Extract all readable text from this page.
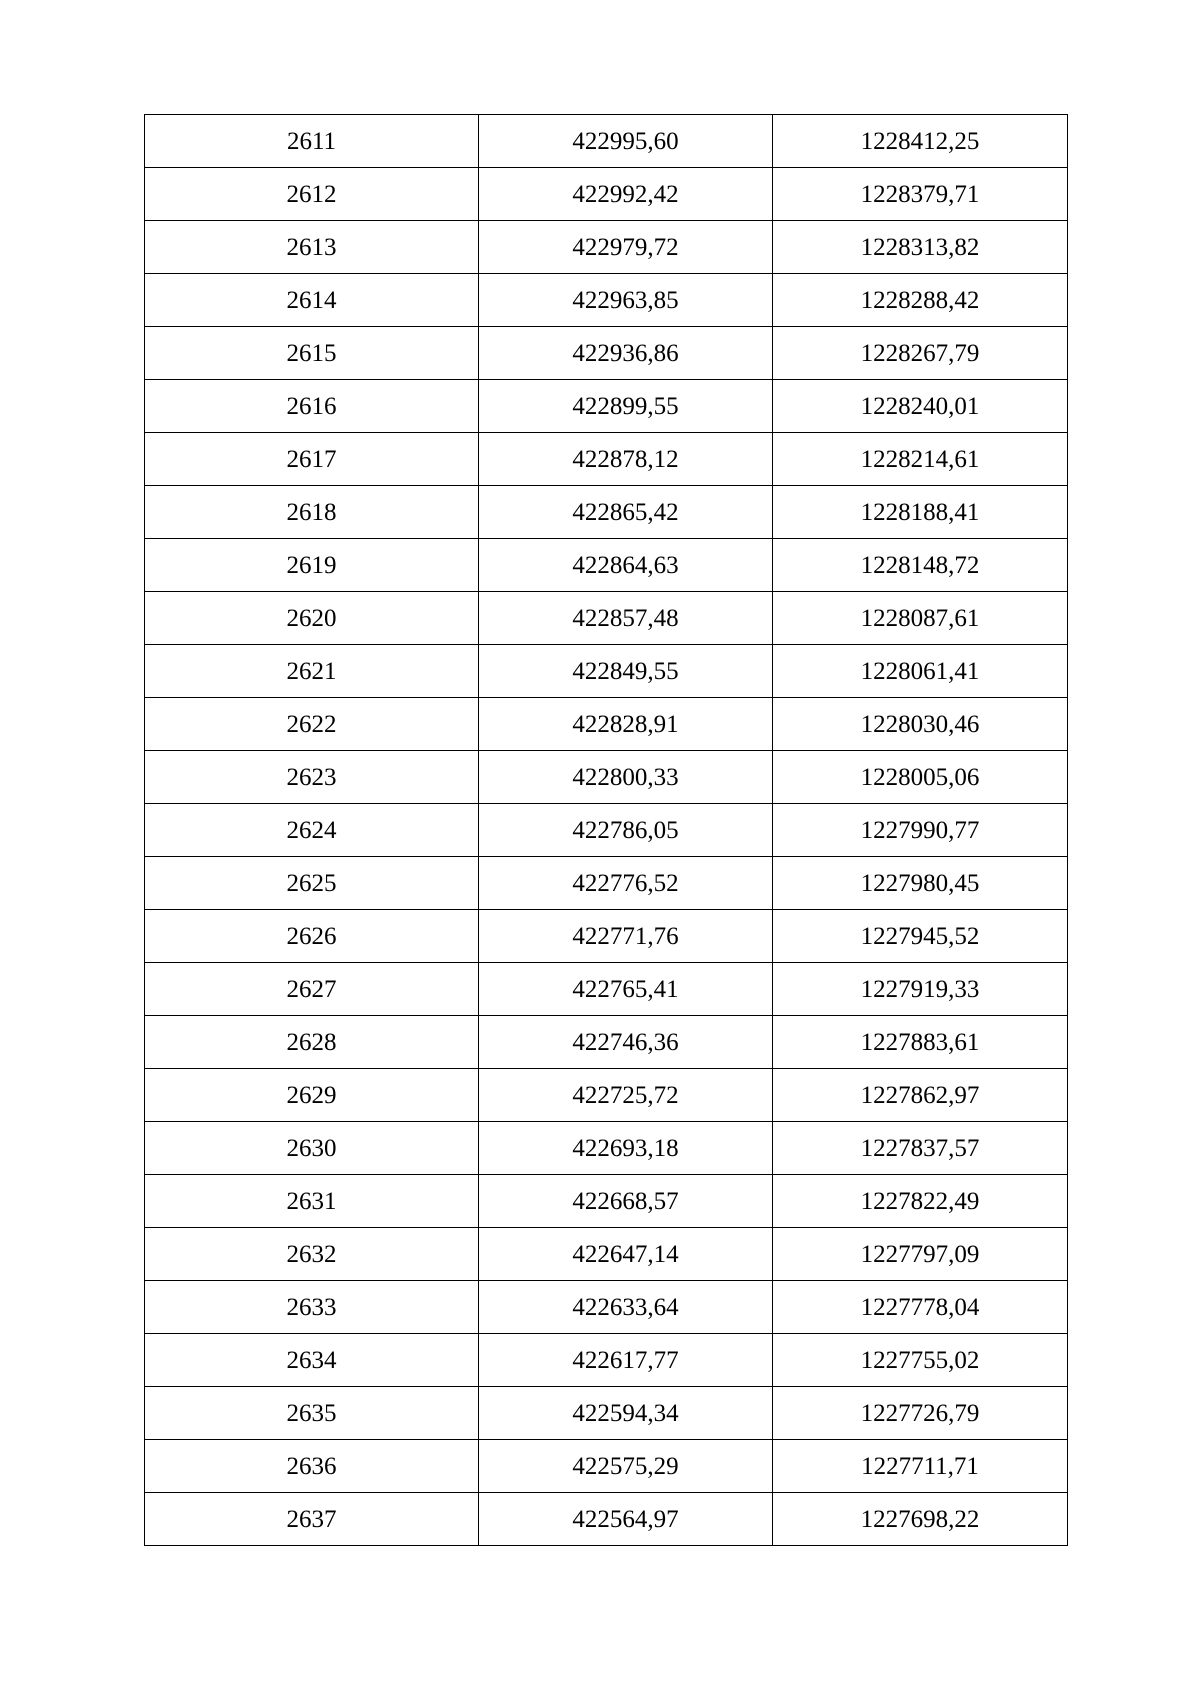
2611	422995,60	1228412,25
2612	422992,42	1228379,71
2613	422979,72	1228313,82
2614	422963,85	1228288,42
2615	422936,86	1228267,79
2616	422899,55	1228240,01
2617	422878,12	1228214,61
2618	422865,42	1228188,41
2619	422864,63	1228148,72
2620	422857,48	1228087,61
2621	422849,55	1228061,41
2622	422828,91	1228030,46
2623	422800,33	1228005,06
2624	422786,05	1227990,77
2625	422776,52	1227980,45
2626	422771,76	1227945,52
2627	422765,41	1227919,33
2628	422746,36	1227883,61
2629	422725,72	1227862,97
2630	422693,18	1227837,57
2631	422668,57	1227822,49
2632	422647,14	1227797,09
2633	422633,64	1227778,04
2634	422617,77	1227755,02
2635	422594,34	1227726,79
2636	422575,29	1227711,71
2637	422564,97	1227698,22
